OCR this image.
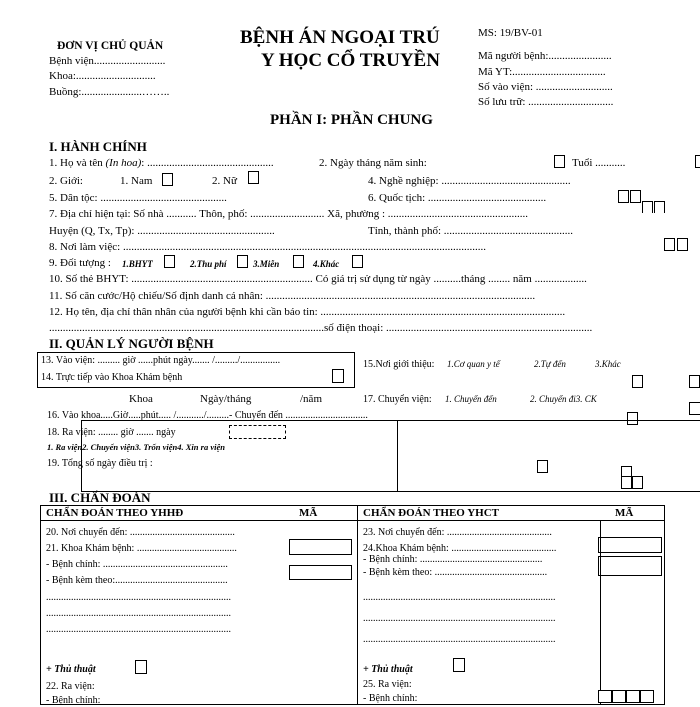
ĐƠN VỊ CHỦ QUẢN
Bệnh viện..........................
Khoa:.............................
Buồng:......................……..
BỆNH ÁN NGOẠI TRÚ
Y HỌC CỔ TRUYỀN
MS: 19/BV-01
Mã người bệnh:.......................
Mã YT:..................................
Số vào viện: ............................
Số lưu trữ: ...............................
PHẦN I: PHẦN CHUNG
I. HÀNH CHÍNH
1. Họ và tên (In hoa): ..............................................	2. Ngày tháng năm sinh:	Tuổi ...........
2. Giới:	1. Nam	2. Nữ	4. Nghề nghiệp: ...............................................
5. Dân tộc: ..............................................	6. Quốc tịch: ...........................................
7. Địa chỉ hiện tại: Số nhà ........... Thôn, phố: ........................... Xã, phường : ...................................................
Huyện (Q, Tx, Tp): ..................................................	Tỉnh, thành phố: ...............................................
8. Nơi làm việc: ....................................................................................................................................
9. Đối tượng : 1.BHYT	2.Thu phí	3.Miễn	4.Khác
10. Số thẻ BHYT: .................................................................. Có giá trị sử dụng từ ngày ..........tháng ........ năm ...................
11. Số căn cước/Hộ chiếu/Số định danh cá nhân: ..................................................................................................
12. Họ tên, địa chỉ thân nhân của người bệnh khi cần báo tin: .........................................................................................
....................................................................................................số điện thoại: ...........................................................................
II. QUẢN LÝ NGƯỜI BỆNH
13. Vào viện: ......... giờ ......phút ngày....... /........./................
14. Trực tiếp vào Khoa Khám bệnh
15.Nơi giới thiệu: 1.Cơ quan y tế	2.Tự đến	3.Khác
Khoa	Ngày/tháng	/năm	17. Chuyển viện: 1. Chuyển đến	2. Chuyển đi3. CK
16. Vào khoa.....Giờ.....phút..... /.........../.........- Chuyển đến .................................
18. Ra viện: ........ giờ ....... ngày
1. Ra viện2. Chuyển viện3. Trốn viện4. Xin ra viện
19. Tổng số ngày điều trị :
III. CHẨN ĐOÁN
CHẨN ĐOÁN THEO YHHĐ	MÃ	CHẨN ĐOÁN THEO YHCT	MÃ
20. Nơi chuyển đến: ..........................................
21. Khoa Khám bệnh: ........................................
- Bệnh chính: ..................................................
- Bệnh kèm theo:.............................................
..........................................................................
..........................................................................
..........................................................................
+ Thủ thuật
22. Ra viện:
- Bệnh chính:
23. Nơi chuyển đến: ..........................................
24.Khoa Khám bệnh: ..........................................
- Bệnh chính: .................................................
- Bệnh kèm theo: .............................................
.............................................................................
.............................................................................
.............................................................................
+ Thủ thuật
25. Ra viện:
- Bệnh chính:
